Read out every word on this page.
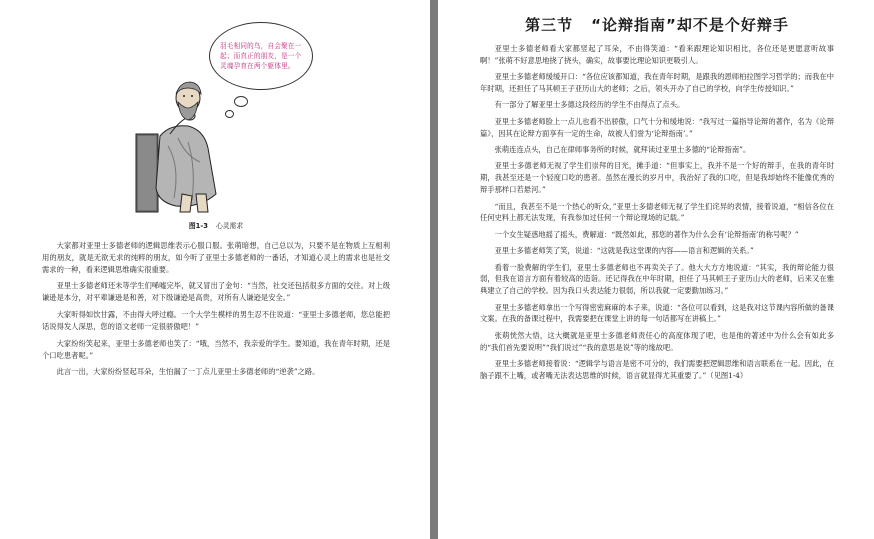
羽毛相同的鸟，自会聚在一起；而真正的朋友，是一个灵魂孕育在两个躯体里。
图1-3 心灵需求

大家都对亚里士多德老师的逻辑思维表示心服口服。张萌暗想，自己总以为，只要不是在物质上互相利用的朋友，就是无欲无求的纯粹的朋友，如今听了亚里士多德老师的一番话，才知道心灵上的需求也是社交需求的一种，看来逻辑思维确实很重要。

亚里士多德老师还未等学生们唏嘘完毕，就又冒出了金句：“当然，社交还包括很多方面的交往。对上级谦逊是本分，对平辈谦逊是和善，对下级谦逊是高贵，对所有人谦逊是安全。”

大家听得如饮甘露，不由得大呼过瘾。一个大学生模样的男生忍不住说道：“亚里士多德老师，您总能把话说得发人深思，您的语文老师一定很骄傲吧！”

大家纷纷笑起来，亚里士多德老师也笑了：“哦，当然不，我亲爱的学生。要知道，我在青年时期，还是个口吃患者呢。”

此言一出，大家纷纷竖起耳朵，生怕漏了一丁点儿亚里士多德老师的“逆袭”之路。

第三节 “论辩指南”却不是个好辩手

亚里士多德老师看大家都竖起了耳朵，不由得笑道：“看来跟理论知识相比，各位还是更愿意听故事啊！”张萌不好意思地挠了挠头，确实，故事要比理论知识更吸引人。

亚里士多德老师缓缓开口：“各位应该都知道，我在青年时期，是跟我的恩师柏拉图学习哲学的；而我在中年时期，还担任了马其顿王子亚历山大的老师；之后，领头开办了自己的学校，向学生传授知识。”

有一部分了解亚里士多德这段经历的学生不由得点了点头。

亚里士多德老师脸上一点儿也看不出骄傲，口气十分和缓地说：“我写过一篇指导论辩的著作，名为《论辩篇》，因其在论辩方面享有一定的生命，故被人们誉为‘论辩指南’。”

张萌连连点头，自己在律师事务所的时候，就拜读过亚里士多德的“论辩指南”。

亚里士多德老师无视了学生们崇拜的目光，摊手道：“但事实上，我并不是一个好的辩手，在我的青年时期，我甚至还是一个轻度口吃的患者。虽然在漫长的岁月中，我治好了我的口吃，但是我却始终不能像优秀的辩手那样口若悬河。”

“而且，我甚至不是一个热心的听众，”亚里士多德老师无视了学生们诧异的表情，接着说道，“相信各位在任何史料上都无法发现，有我参加过任何一个辩论现场的记载。”

一个女生疑惑地摇了摇头，费解道：“既然如此，那您的著作为什么会有‘论辩指南’的称号呢？”

亚里士多德老师笑了笑，说道：“这就是我这堂课的内容——语言和逻辑的关系。”

看着一脸费解的学生们，亚里士多德老师也不再卖关子了。他大大方方地说道：“其实，我的辩论能力很弱，但我在语言方面有着较高的造诣。还记得我在中年时期，担任了马其顿王子亚历山大的老师，后来又在雅典建立了自己的学校。因为我口头表达能力很弱，所以我就一定要勤加练习。”

亚里士多德老师拿出一个写得密密麻麻的本子来，说道：“各位可以看到，这是我对这节课内容所做的备课文案。在我的备课过程中，我需要把在课堂上讲的每一句话都写在讲稿上。”

张萌恍然大悟，这大概就是亚里士多德老师责任心的高度体现了吧，也是他的著述中为什么会有如此多的“我们首先要说明”“我们说过”“我的意思是说”等的缘故吧。

亚里士多德老师接着说：“逻辑学与语言是密不可分的，我们需要把逻辑思维和语言联系在一起。因此，在脑子跟不上嘴，或者嘴无法表达思维的时候，语言就显得尤其重要了。”（见图1-4）
